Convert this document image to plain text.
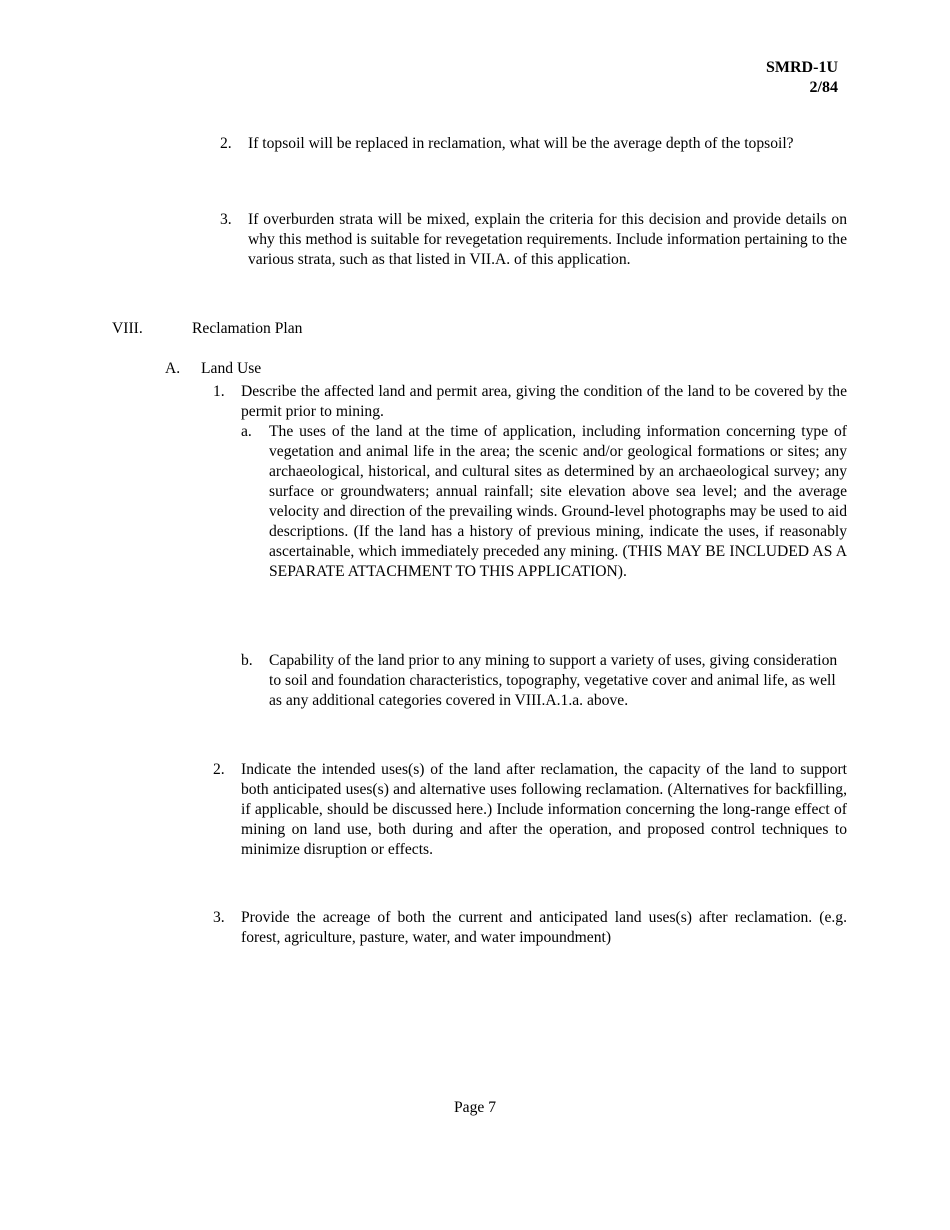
SMRD-1U
2/84
2. If topsoil will be replaced in reclamation, what will be the average depth of the topsoil?
3. If overburden strata will be mixed, explain the criteria for this decision and provide details on why this method is suitable for revegetation requirements. Include information pertaining to the various strata, such as that listed in VII.A. of this application.
VIII.	Reclamation Plan
A. Land Use
1. Describe the affected land and permit area, giving the condition of the land to be covered by the permit prior to mining.
a. The uses of the land at the time of application, including information concerning type of vegetation and animal life in the area; the scenic and/or geological formations or sites; any archaeological, historical, and cultural sites as determined by an archaeological survey; any surface or groundwaters; annual rainfall; site elevation above sea level; and the average velocity and direction of the prevailing winds. Ground-level photographs may be used to aid descriptions. (If the land has a history of previous mining, indicate the uses, if reasonably ascertainable, which immediately preceded any mining. (THIS MAY BE INCLUDED AS A SEPARATE ATTACHMENT TO THIS APPLICATION).
b. Capability of the land prior to any mining to support a variety of uses, giving consideration to soil and foundation characteristics, topography, vegetative cover and animal life, as well as any additional categories covered in VIII.A.1.a. above.
2. Indicate the intended uses(s) of the land after reclamation, the capacity of the land to support both anticipated uses(s) and alternative uses following reclamation. (Alternatives for backfilling, if applicable, should be discussed here.) Include information concerning the long-range effect of mining on land use, both during and after the operation, and proposed control techniques to minimize disruption or effects.
3. Provide the acreage of both the current and anticipated land uses(s) after reclamation. (e.g. forest, agriculture, pasture, water, and water impoundment)
Page 7
